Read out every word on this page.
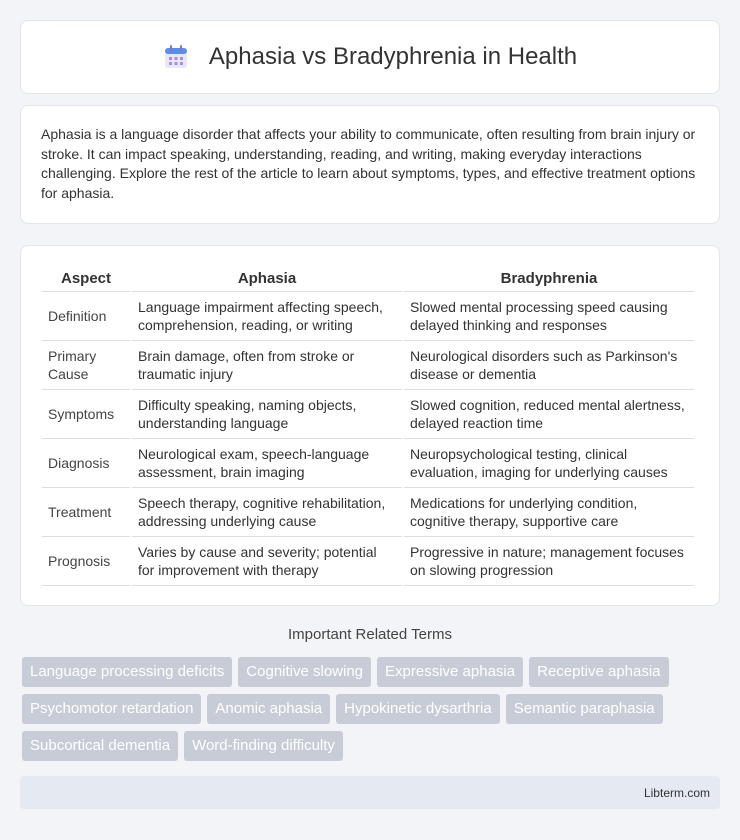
Aphasia vs Bradyphrenia in Health

Aphasia is a language disorder that affects your ability to communicate, often resulting from brain injury or stroke. It can impact speaking, understanding, reading, and writing, making everyday interactions challenging. Explore the rest of the article to learn about symptoms, types, and effective treatment options for aphasia.

Aspect	Aphasia	Bradyphrenia
Definition	Language impairment affecting speech, comprehension, reading, or writing	Slowed mental processing speed causing delayed thinking and responses
Primary Cause	Brain damage, often from stroke or traumatic injury	Neurological disorders such as Parkinson's disease or dementia
Symptoms	Difficulty speaking, naming objects, understanding language	Slowed cognition, reduced mental alertness, delayed reaction time
Diagnosis	Neurological exam, speech-language assessment, brain imaging	Neuropsychological testing, clinical evaluation, imaging for underlying causes
Treatment	Speech therapy, cognitive rehabilitation, addressing underlying cause	Medications for underlying condition, cognitive therapy, supportive care
Prognosis	Varies by cause and severity; potential for improvement with therapy	Progressive in nature; management focuses on slowing progression
Important Related Terms
Language processing deficits	Cognitive slowing	Expressive aphasia	Receptive aphasia
Psychomotor retardation	Anomic aphasia	Hypokinetic dysarthria	Semantic paraphasia
Subcortical dementia	Word-finding difficulty
Libterm.com
